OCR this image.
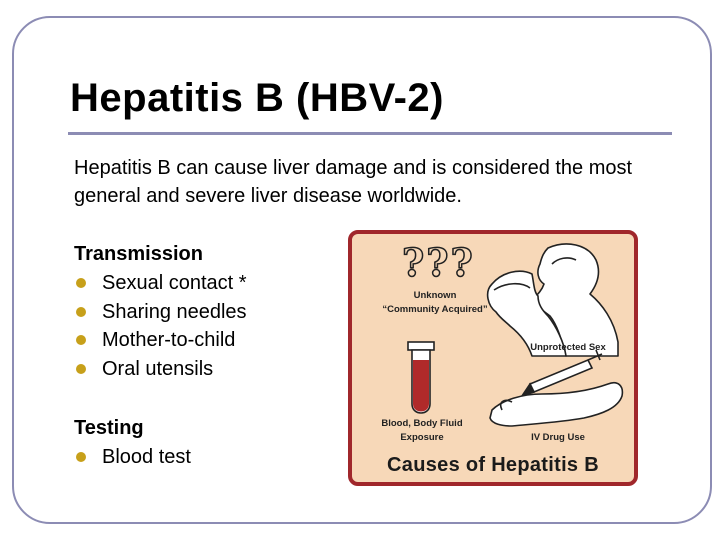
Hepatitis B (HBV-2)
Hepatitis B can cause liver damage and is considered the most general and severe liver disease worldwide.
Transmission
Sexual contact *
Sharing needles
Mother-to-child
Oral utensils
Testing
Blood test
???
Unknown
“Community Acquired”
Unprotected Sex
Blood, Body Fluid
Exposure	IV Drug Use
Causes of Hepatitis B
